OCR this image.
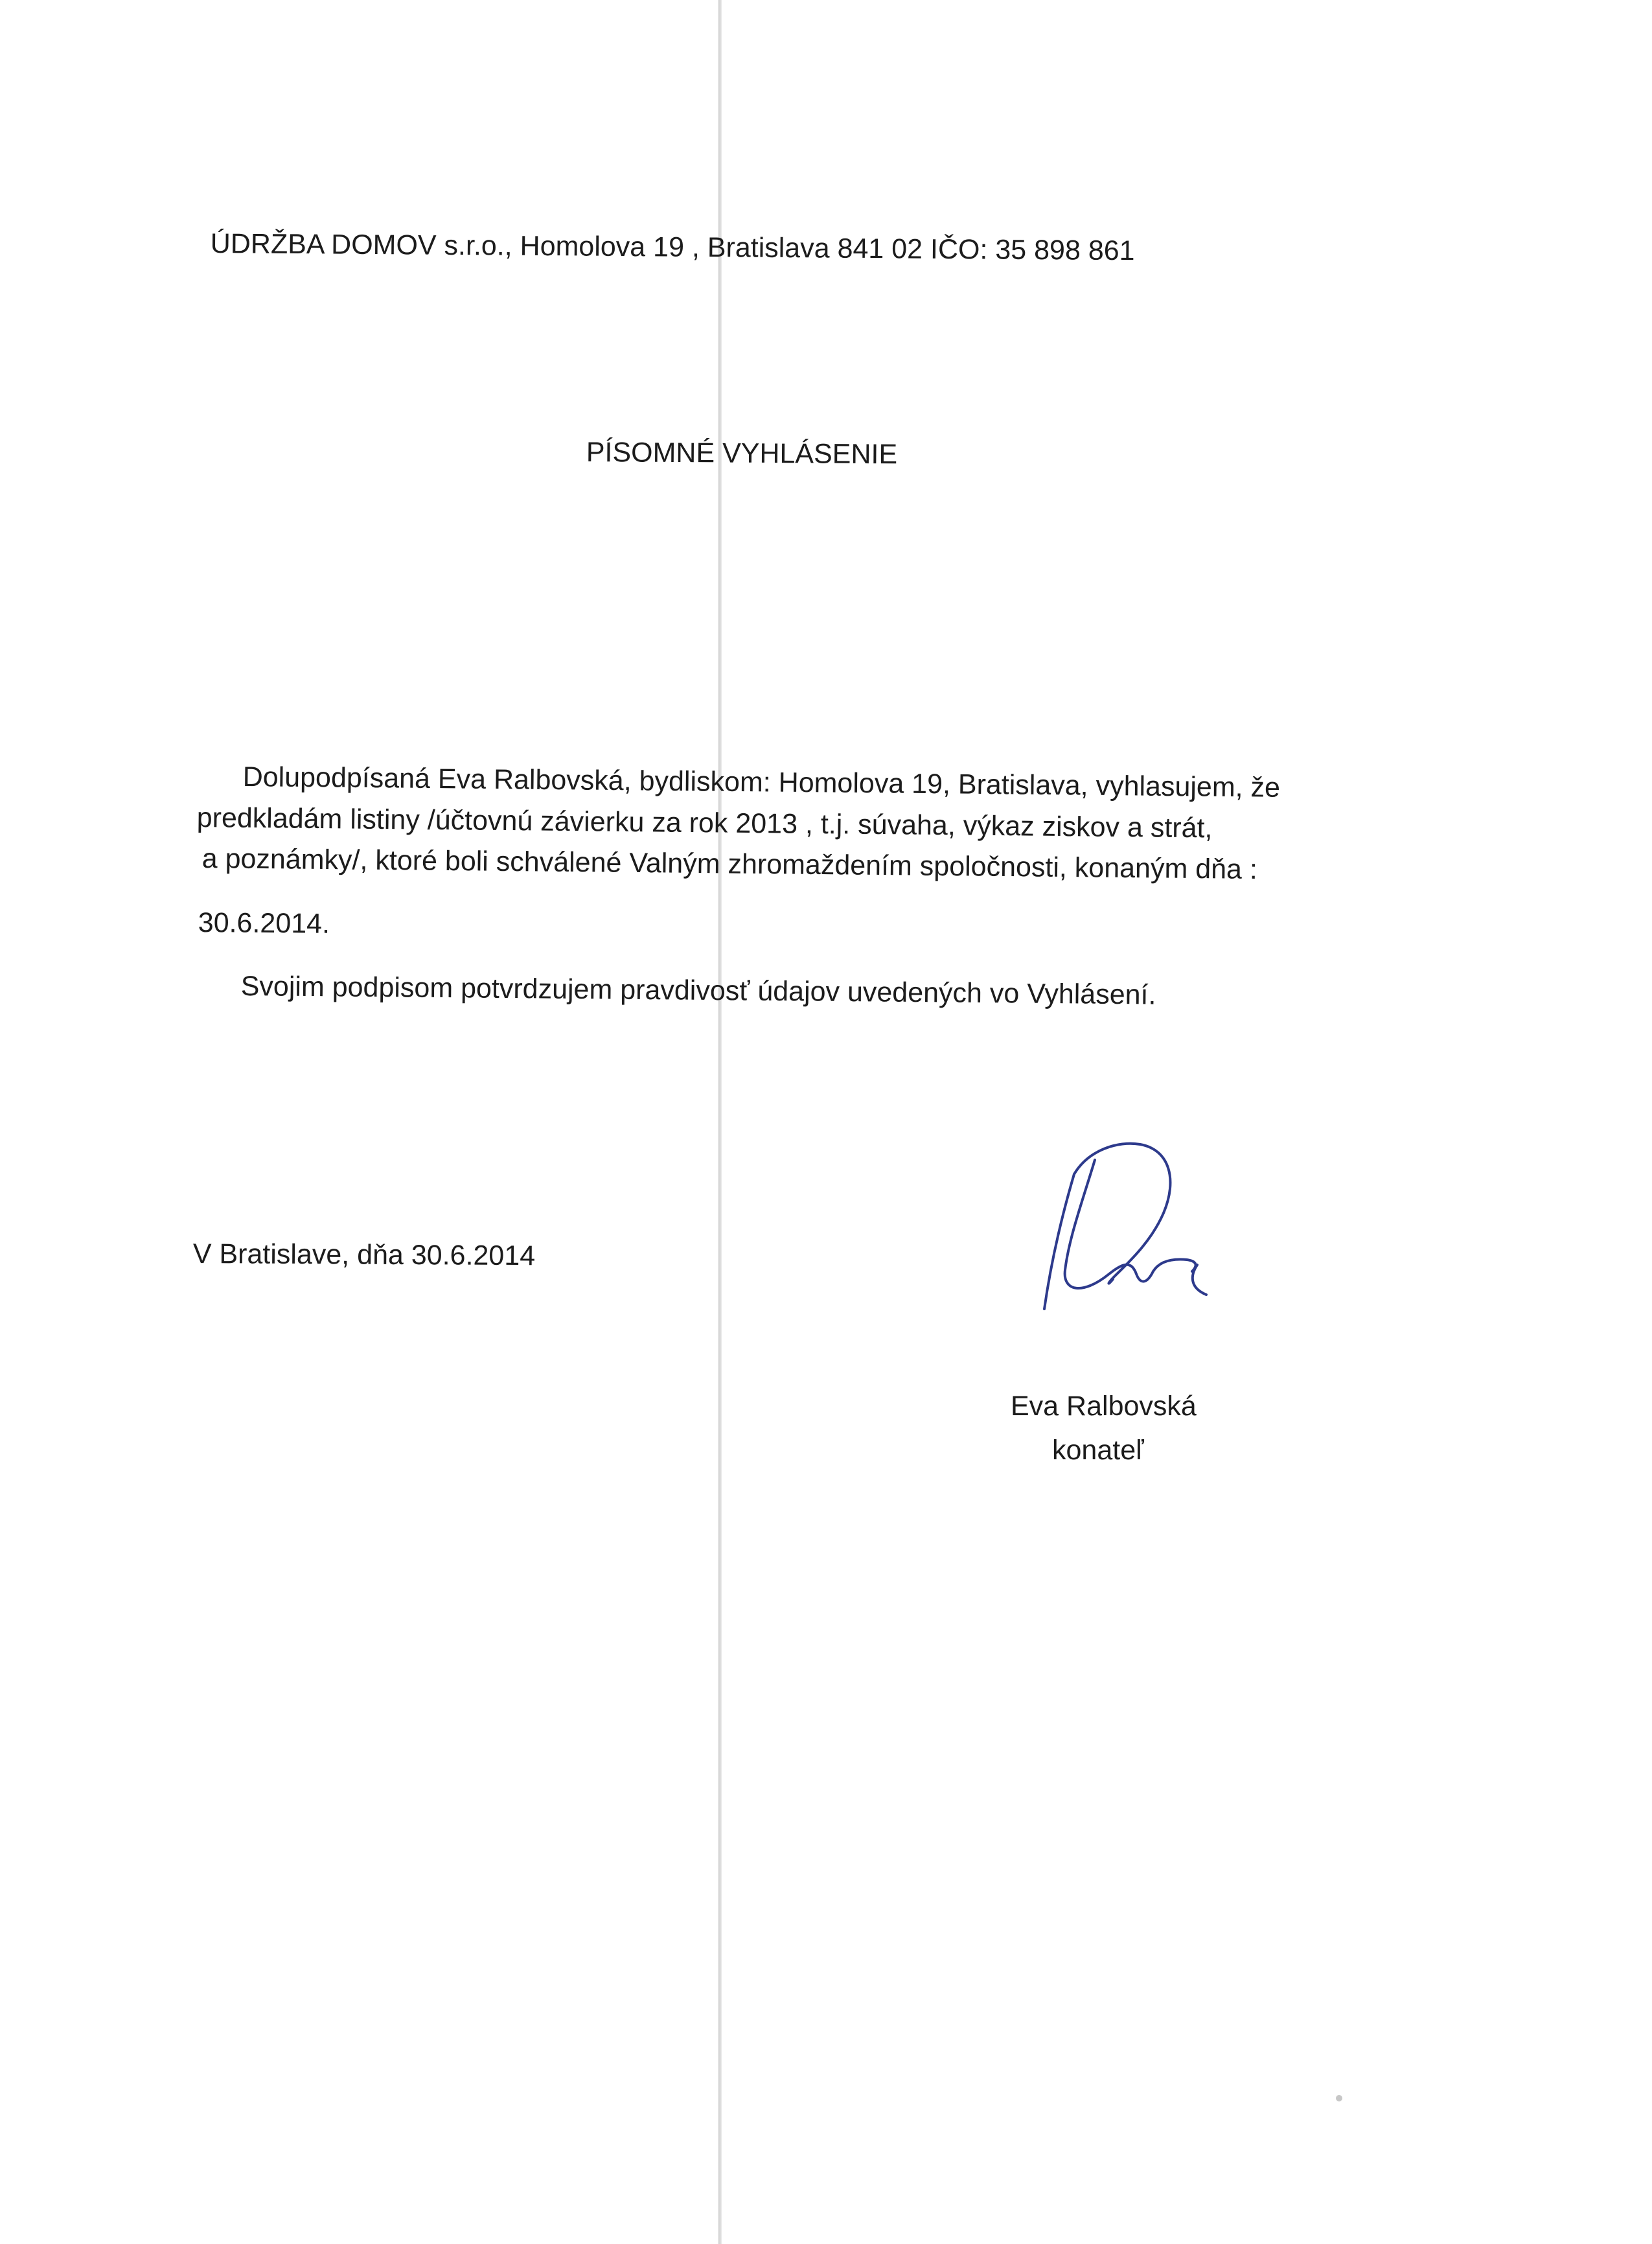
ÚDRŽBA DOMOV s.r.o., Homolova 19 , Bratislava 841 02 IČO: 35 898 861
PÍSOMNÉ VYHLÁSENIE
Dolupodpísaná Eva Ralbovská, bydliskom: Homolova 19, Bratislava, vyhlasujem, že
predkladám listiny /účtovnú závierku za rok 2013 , t.j. súvaha, výkaz ziskov a strát,
a poznámky/, ktoré boli schválené Valným zhromaždením spoločnosti, konaným dňa :
30.6.2014.
Svojim podpisom potvrdzujem pravdivosť údajov uvedených vo Vyhlásení.
V Bratislave, dňa 30.6.2014
Eva Ralbovská
konateľ
